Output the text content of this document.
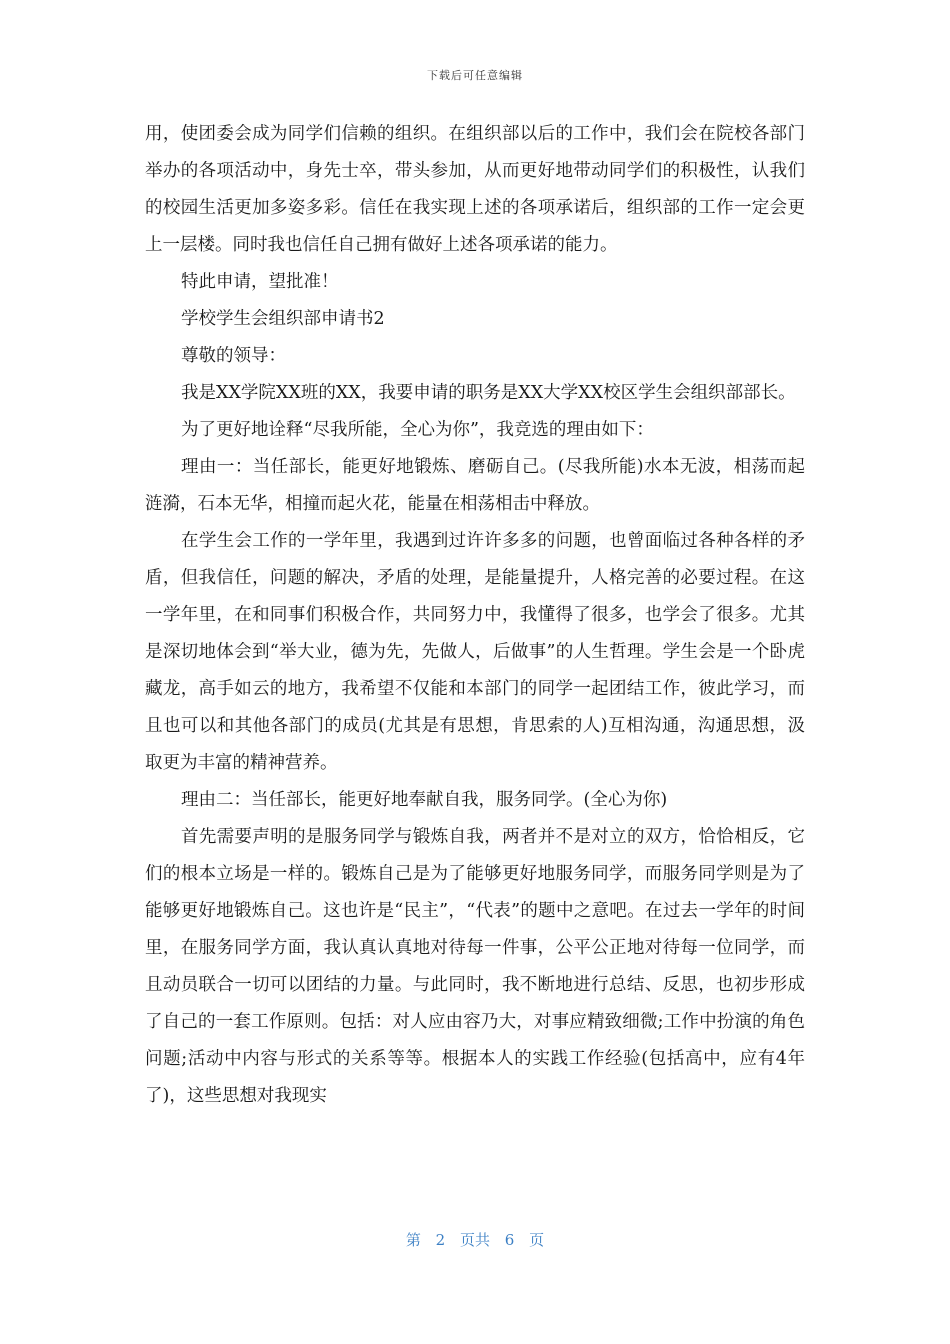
下载后可任意编辑

用，使团委会成为同学们信赖的组织。在组织部以后的工作中，我们会在院校各部门举办的各项活动中，身先士卒，带头参加，从而更好地带动同学们的积极性，认我们的校园生活更加多姿多彩。信任在我实现上述的各项承诺后，组织部的工作一定会更上一层楼。同时我也信任自己拥有做好上述各项承诺的能力。

特此申请，望批准！

学校学生会组织部申请书2

尊敬的领导：

我是XX学院XX班的XX，我要申请的职务是XX大学XX校区学生会组织部部长。

为了更好地诠释“尽我所能，全心为你”，我竞选的理由如下：

理由一：当任部长，能更好地锻炼、磨砺自己。(尽我所能)水本无波，相荡而起涟漪，石本无华，相撞而起火花，能量在相荡相击中释放。

在学生会工作的一学年里，我遇到过许许多多的问题，也曾面临过各种各样的矛盾，但我信任，问题的解决，矛盾的处理，是能量提升，人格完善的必要过程。在这一学年里，在和同事们积极合作，共同努力中，我懂得了很多，也学会了很多。尤其是深切地体会到“举大业，德为先，先做人，后做事”的人生哲理。学生会是一个卧虎藏龙，高手如云的地方，我希望不仅能和本部门的同学一起团结工作，彼此学习，而且也可以和其他各部门的成员(尤其是有思想，肯思索的人)互相沟通，沟通思想，汲取更为丰富的精神营养。

理由二：当任部长，能更好地奉献自我，服务同学。(全心为你)

首先需要声明的是服务同学与锻炼自我，两者并不是对立的双方，恰恰相反，它们的根本立场是一样的。锻炼自己是为了能够更好地服务同学，而服务同学则是为了能够更好地锻炼自己。这也许是“民主”，“代表”的题中之意吧。在过去一学年的时间里，在服务同学方面，我认真认真地对待每一件事，公平公正地对待每一位同学，而且动员联合一切可以团结的力量。与此同时，我不断地进行总结、反思，也初步形成了自己的一套工作原则。包括：对人应由容乃大，对事应精致细微;工作中扮演的角色问题;活动中内容与形式的关系等等。根据本人的实践工作经验(包括高中，应有4年了)，这些思想对我现实

第 2 页共 6 页
